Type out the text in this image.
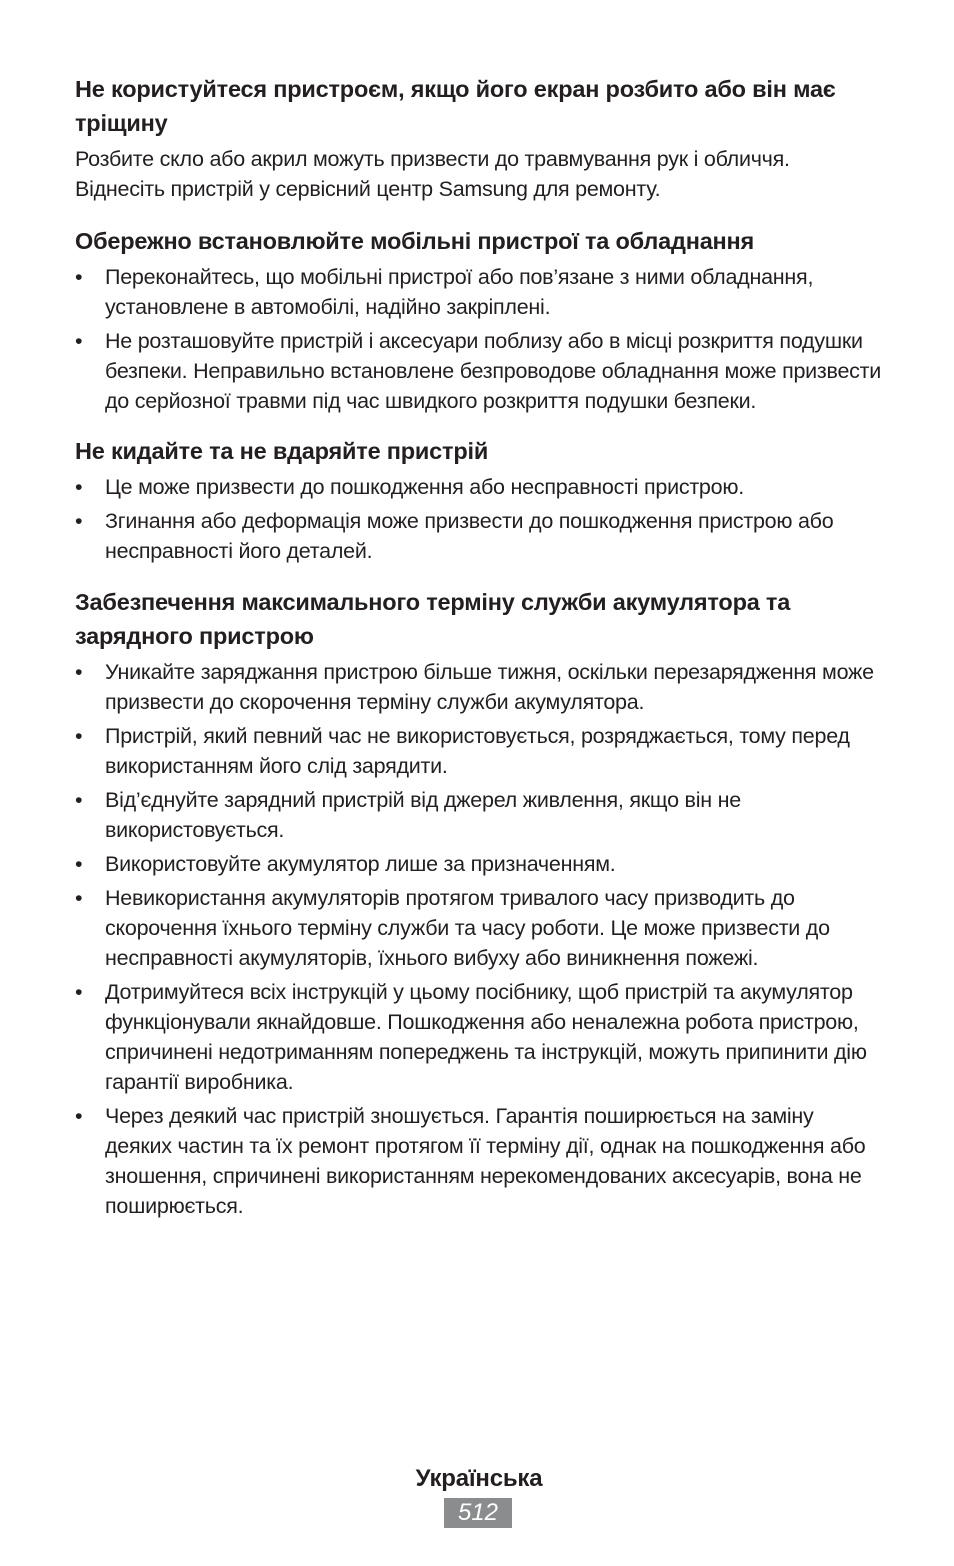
Не користуйтеся пристроєм, якщо його екран розбито або він має тріщину

Розбите скло або акрил можуть призвести до травмування рук і обличчя. Віднесіть пристрій у сервісний центр Samsung для ремонту.

Обережно встановлюйте мобільні пристрої та обладнання
•	Переконайтесь, що мобільні пристрої або пов’язане з ними обладнання, установлене в автомобілі, надійно закріплені.
•	Не розташовуйте пристрій і аксесуари поблизу або в місці розкриття подушки безпеки. Неправильно встановлене безпроводове обладнання може призвести до серйозної травми під час швидкого розкриття подушки безпеки.
Не кидайте та не вдаряйте пристрій
•	Це може призвести до пошкодження або несправності пристрою.
•	Згинання або деформація може призвести до пошкодження пристрою або несправності його деталей.
Забезпечення максимального терміну служби акумулятора та зарядного пристрою
•	Уникайте заряджання пристрою більше тижня, оскільки перезарядження може призвести до скорочення терміну служби акумулятора.
•	Пристрій, який певний час не використовується, розряджається, тому перед використанням його слід зарядити.
•	Від’єднуйте зарядний пристрій від джерел живлення, якщо він не використовується.
•	Використовуйте акумулятор лише за призначенням.
•	Невикористання акумуляторів протягом тривалого часу призводить до скорочення їхнього терміну служби та часу роботи. Це може призвести до несправності акумуляторів, їхнього вибуху або виникнення пожежі.
•	Дотримуйтеся всіх інструкцій у цьому посібнику, щоб пристрій та акумулятор функціонували якнайдовше. Пошкодження або неналежна робота пристрою, спричинені недотриманням попереджень та інструкцій, можуть припинити дію гарантії виробника.
•	Через деякий час пристрій зношується. Гарантія поширюється на заміну деяких частин та їх ремонт протягом її терміну дії, однак на пошкодження або зношення, спричинені використанням нерекомендованих аксесуарів, вона не поширюється.
Українська
512
